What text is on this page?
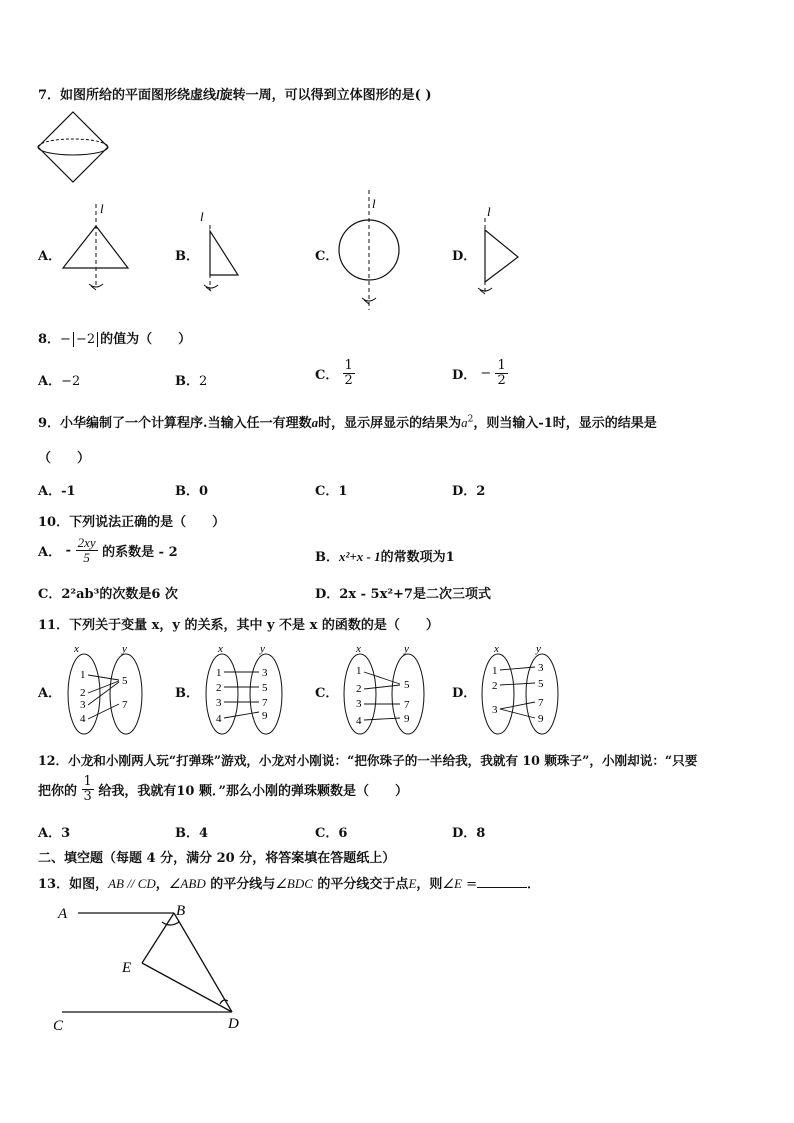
7．如图所给的平面图形绕虚线l旋转一周，可以得到立体图形的是( )
A．
l
B．
l
C．
l
D．
l
8．− −2 的值为（　　）
A．−2	B．2	C． $\frac{1}{2}$	D． − $\frac{1}{2}$
9．小华编制了一个计算程序.当输入任一有理数a时，显示屏显示的结果为$a^2$，则当输入-1时，显示的结果是
（　　）
A．-1	B．0	C．1	D．2
10．下列说法正确的是（　　）
A． - $\frac{2xy}{5}$ 的系数是 - 2	B．x²+x - 1的常数项为1
C．2²ab³的次数是6 次	D．2x - 5x²+7是二次三项式
11．下列关于变量 x，y 的关系，其中 y 不是 x 的函数的是（　　）
A．
x	y
1
2
3
4
5
7
B．
x	y
1
2
3
4
3
5
7
9
C．
x	y
1
2
3
4
5
7
9
D．
x	y
1
2
3
3
5
7
9
12．小龙和小刚两人玩“打弹珠”游戏，小龙对小刚说：“把你珠子的一半给我，我就有 10 颗珠子”，小刚却说：“只要
把你的 $\frac{1}{3}$ 给我，我就有10 颗．”那么小刚的弹珠颗数是（　　）
A．3	B．4	C．6	D．8
二、填空题（每题 4 分，满分 20 分，将答案填在答题纸上）
13．如图，AB // CD，∠ABD 的平分线与∠BDC 的平分线交于点E，则∠E =	．
A	B
E
C	D
